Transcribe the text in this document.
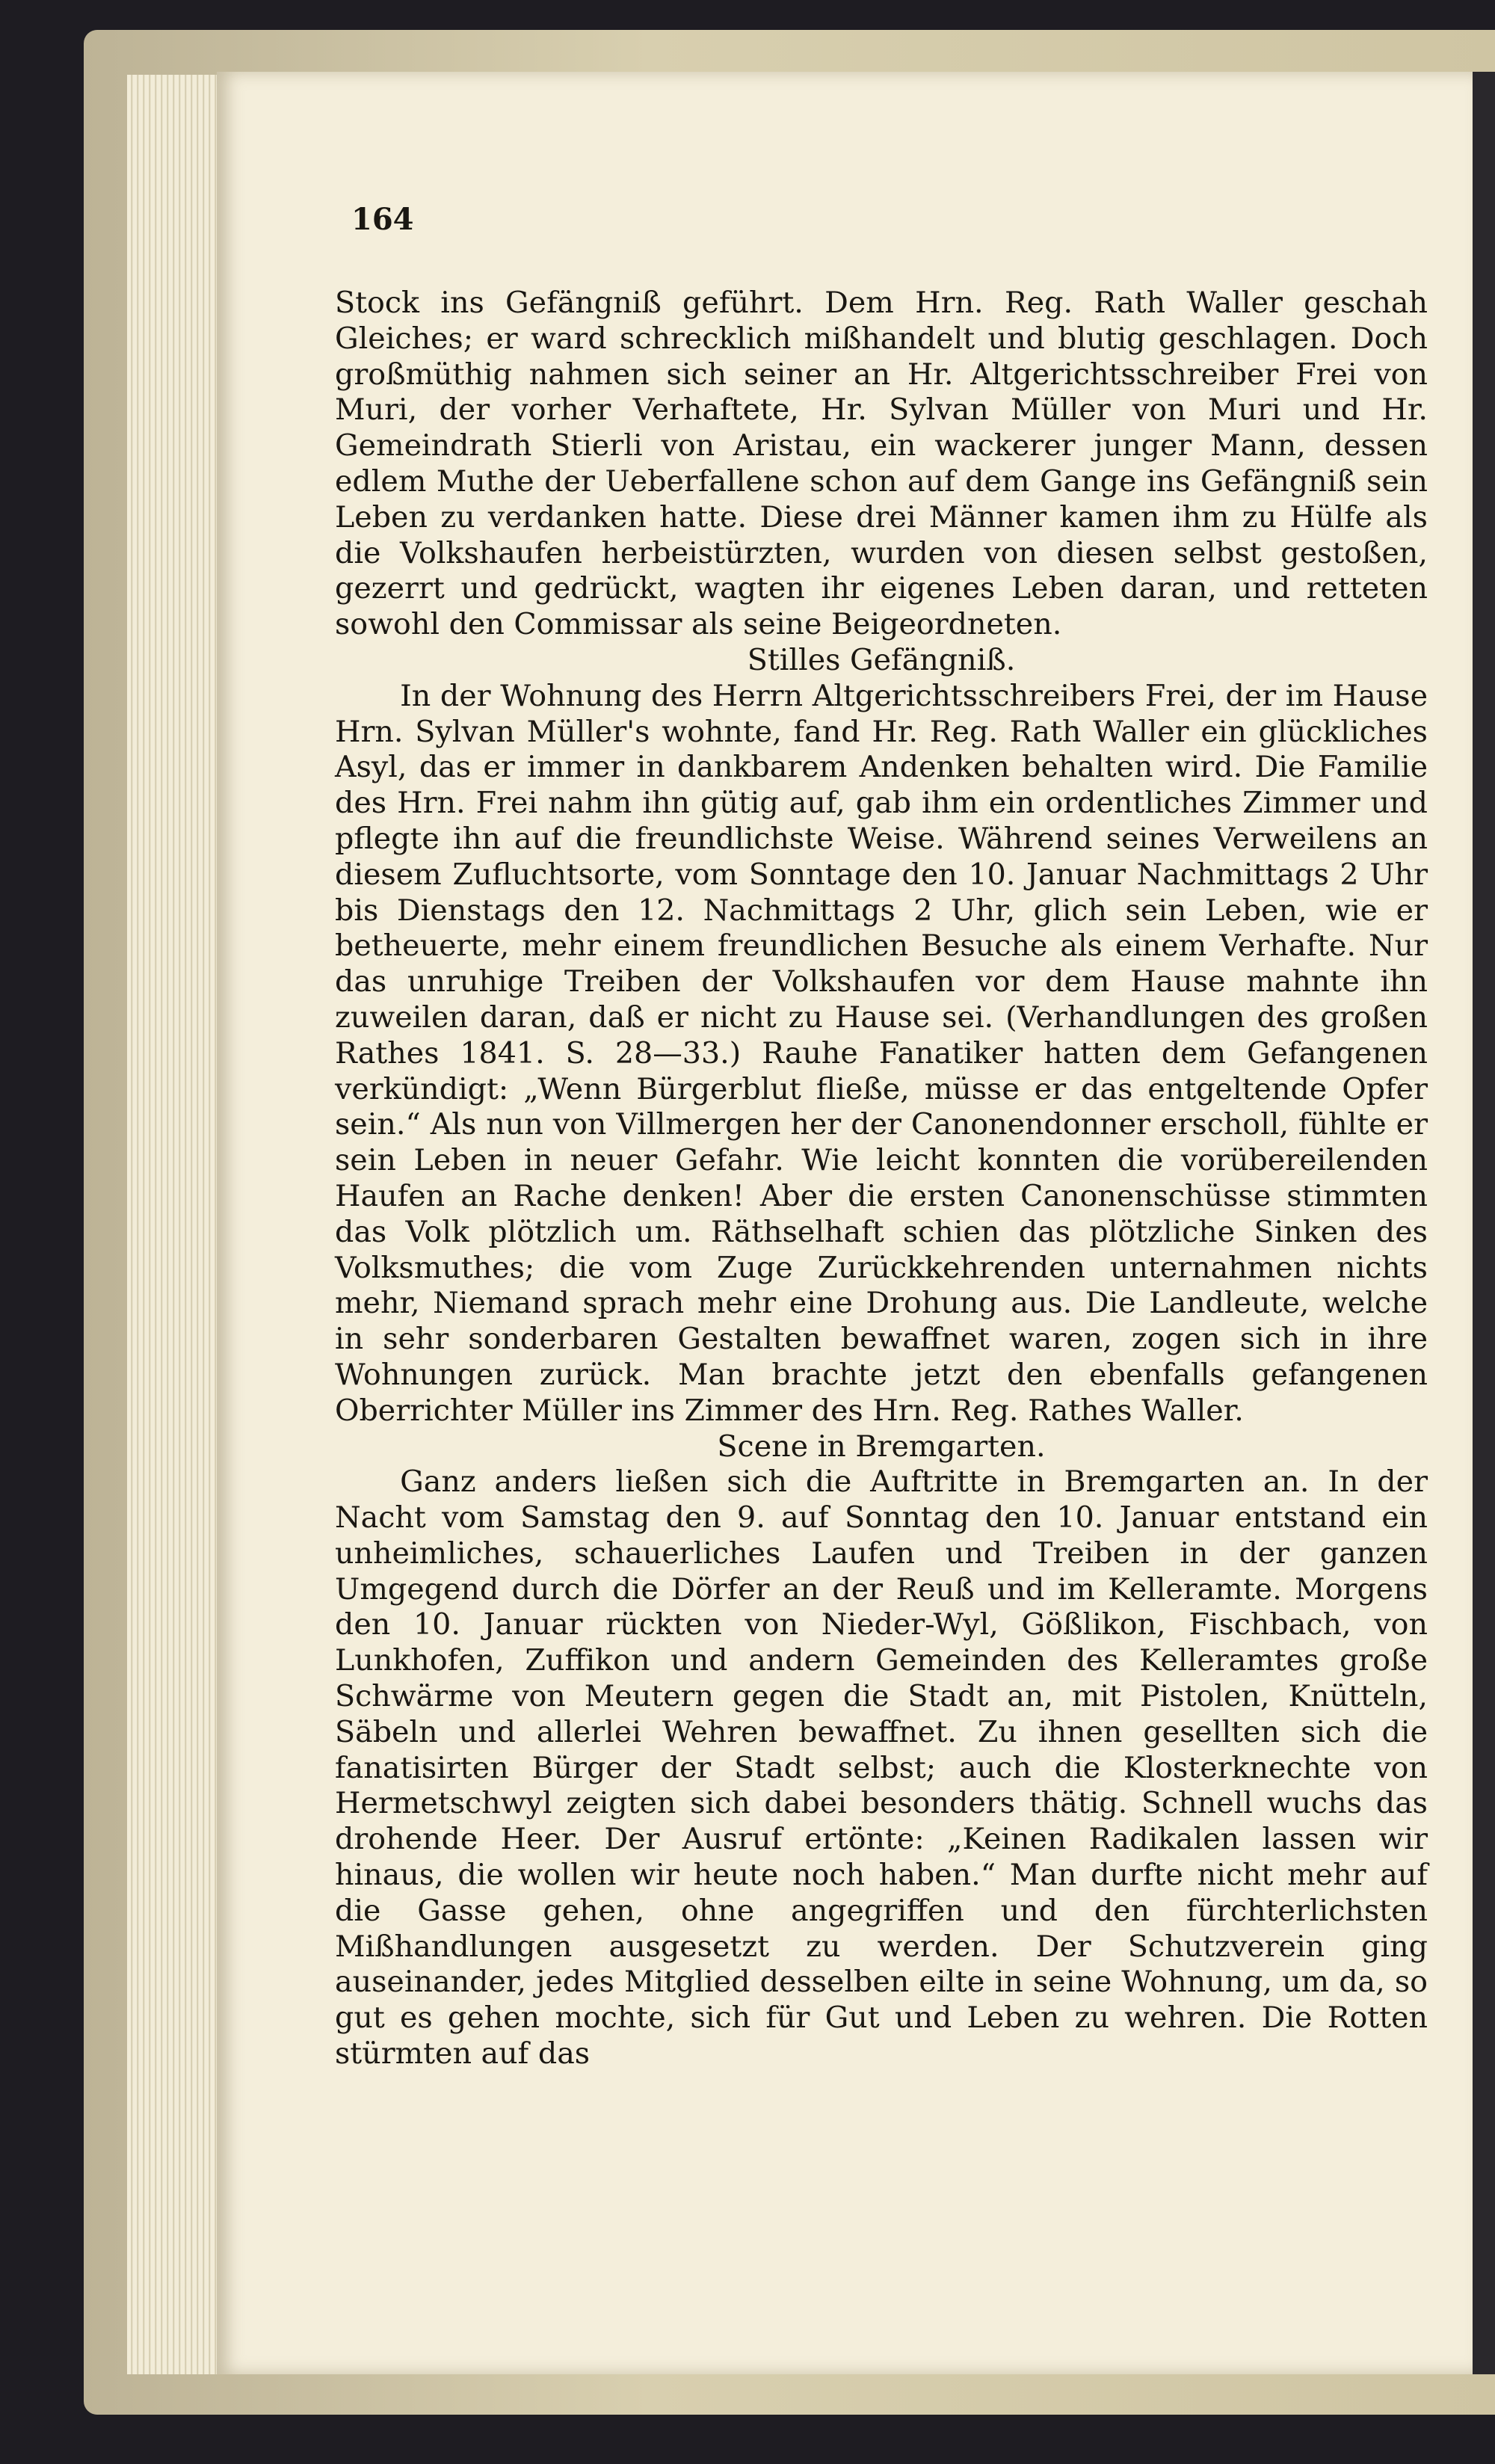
164

Stock ins Gefängniß geführt. Dem Hrn. Reg. Rath Waller geschah Gleiches; er ward schrecklich mißhandelt und blutig geschlagen. Doch großmüthig nahmen sich seiner an Hr. Altgerichtsschreiber Frei von Muri, der vorher Verhaftete, Hr. Sylvan Müller von Muri und Hr. Gemeindrath Stierli von Aristau, ein wackerer junger Mann, dessen edlem Muthe der Ueberfallene schon auf dem Gange ins Gefängniß sein Leben zu verdanken hatte. Diese drei Männer kamen ihm zu Hülfe als die Volkshaufen herbeistürzten, wurden von diesen selbst gestoßen, gezerrt und gedrückt, wagten ihr eigenes Leben daran, und retteten sowohl den Commissar als seine Beigeordneten.

Stilles Gefängniß.

In der Wohnung des Herrn Altgerichtsschreibers Frei, der im Hause Hrn. Sylvan Müller's wohnte, fand Hr. Reg. Rath Waller ein glückliches Asyl, das er immer in dankbarem Andenken behalten wird. Die Familie des Hrn. Frei nahm ihn gütig auf, gab ihm ein ordentliches Zimmer und pflegte ihn auf die freundlichste Weise. Während seines Verweilens an diesem Zufluchtsorte, vom Sonntage den 10. Januar Nachmittags 2 Uhr bis Dienstags den 12. Nachmittags 2 Uhr, glich sein Leben, wie er betheuerte, mehr einem freundlichen Besuche als einem Verhafte. Nur das unruhige Treiben der Volkshaufen vor dem Hause mahnte ihn zuweilen daran, daß er nicht zu Hause sei. (Verhandlungen des großen Rathes 1841. S. 28—33.) Rauhe Fanatiker hatten dem Gefangenen verkündigt: „Wenn Bürgerblut fließe, müsse er das entgeltende Opfer sein.“ Als nun von Villmergen her der Canonendonner erscholl, fühlte er sein Leben in neuer Gefahr. Wie leicht konnten die vorübereilenden Haufen an Rache denken! Aber die ersten Canonenschüsse stimmten das Volk plötzlich um. Räthselhaft schien das plötzliche Sinken des Volksmuthes; die vom Zuge Zurückkehrenden unternahmen nichts mehr, Niemand sprach mehr eine Drohung aus. Die Landleute, welche in sehr sonderbaren Gestalten bewaffnet waren, zogen sich in ihre Wohnungen zurück. Man brachte jetzt den ebenfalls gefangenen Oberrichter Müller ins Zimmer des Hrn. Reg. Rathes Waller.

Scene in Bremgarten.

Ganz anders ließen sich die Auftritte in Bremgarten an. In der Nacht vom Samstag den 9. auf Sonntag den 10. Januar entstand ein unheimliches, schauerliches Laufen und Treiben in der ganzen Umgegend durch die Dörfer an der Reuß und im Kelleramte. Morgens den 10. Januar rückten von Nieder-Wyl, Gößlikon, Fischbach, von Lunkhofen, Zuffikon und andern Gemeinden des Kelleramtes große Schwärme von Meutern gegen die Stadt an, mit Pistolen, Knütteln, Säbeln und allerlei Wehren bewaffnet. Zu ihnen gesellten sich die fanatisirten Bürger der Stadt selbst; auch die Klosterknechte von Hermetschwyl zeigten sich dabei besonders thätig. Schnell wuchs das drohende Heer. Der Ausruf ertönte: „Keinen Radikalen lassen wir hinaus, die wollen wir heute noch haben.“ Man durfte nicht mehr auf die Gasse gehen, ohne angegriffen und den fürchterlichsten Mißhandlungen ausgesetzt zu werden. Der Schutzverein ging auseinander, jedes Mitglied desselben eilte in seine Wohnung, um da, so gut es gehen mochte, sich für Gut und Leben zu wehren. Die Rotten stürmten auf das
